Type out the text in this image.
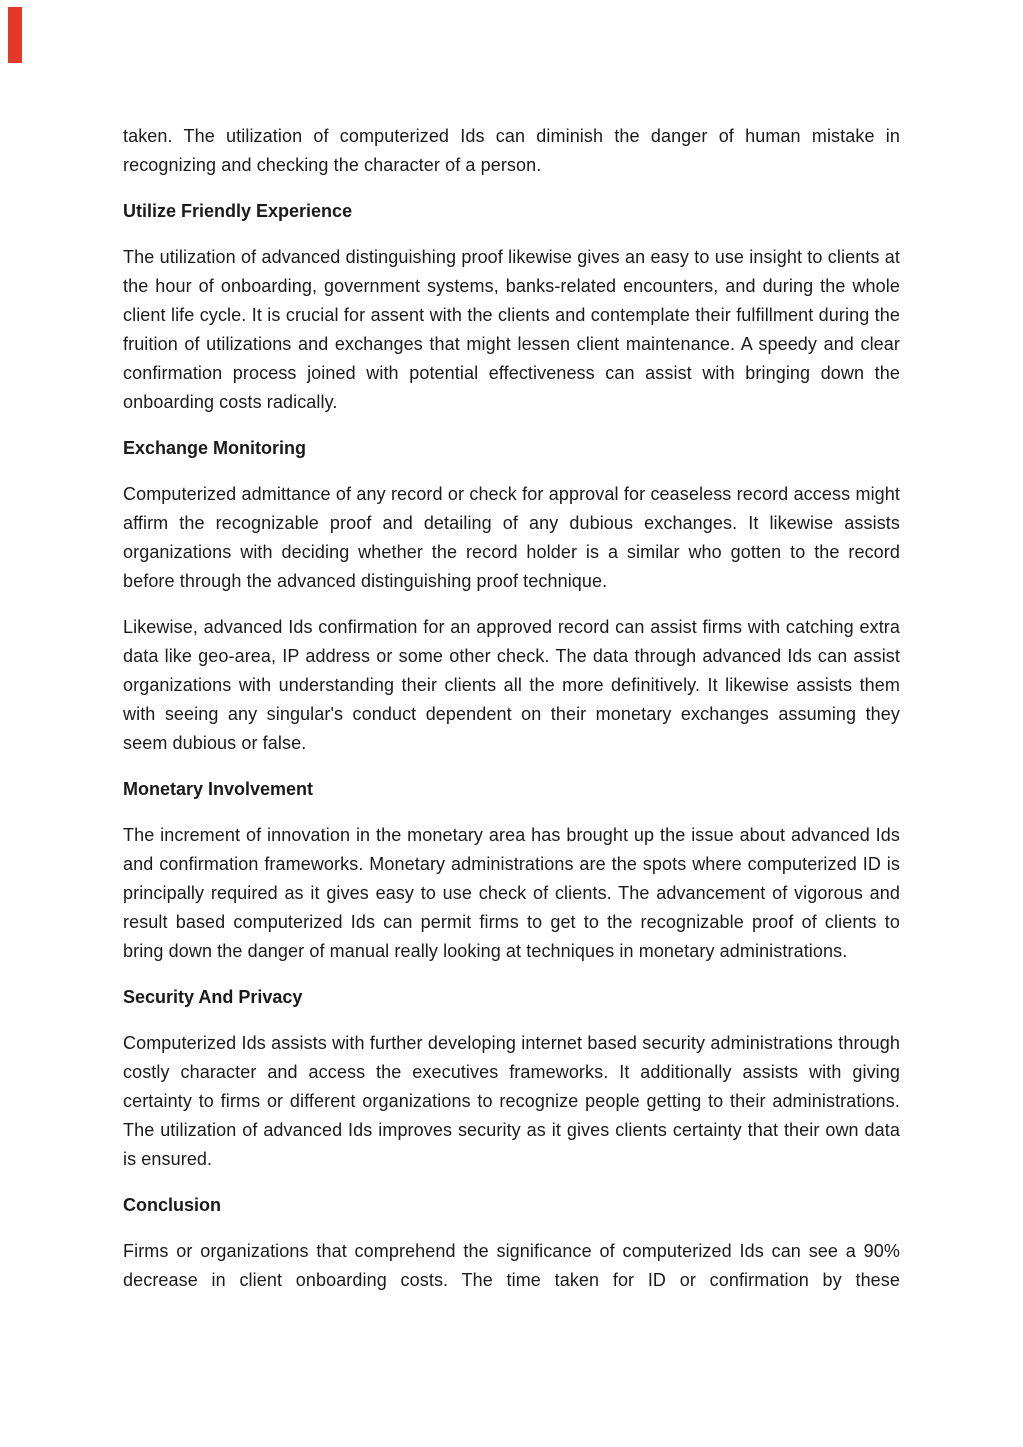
taken. The utilization of computerized Ids can diminish the danger of human mistake in recognizing and checking the character of a person.
Utilize Friendly Experience
The utilization of advanced distinguishing proof likewise gives an easy to use insight to clients at the hour of onboarding, government systems, banks-related encounters, and during the whole client life cycle. It is crucial for assent with the clients and contemplate their fulfillment during the fruition of utilizations and exchanges that might lessen client maintenance. A speedy and clear confirmation process joined with potential effectiveness can assist with bringing down the onboarding costs radically.
Exchange Monitoring
Computerized admittance of any record or check for approval for ceaseless record access might affirm the recognizable proof and detailing of any dubious exchanges. It likewise assists organizations with deciding whether the record holder is a similar who gotten to the record before through the advanced distinguishing proof technique.
Likewise, advanced Ids confirmation for an approved record can assist firms with catching extra data like geo-area, IP address or some other check. The data through advanced Ids can assist organizations with understanding their clients all the more definitively. It likewise assists them with seeing any singular's conduct dependent on their monetary exchanges assuming they seem dubious or false.
Monetary Involvement
The increment of innovation in the monetary area has brought up the issue about advanced Ids and confirmation frameworks. Monetary administrations are the spots where computerized ID is principally required as it gives easy to use check of clients. The advancement of vigorous and result based computerized Ids can permit firms to get to the recognizable proof of clients to bring down the danger of manual really looking at techniques in monetary administrations.
Security And Privacy
Computerized Ids assists with further developing internet based security administrations through costly character and access the executives frameworks. It additionally assists with giving certainty to firms or different organizations to recognize people getting to their administrations. The utilization of advanced Ids improves security as it gives clients certainty that their own data is ensured.
Conclusion
Firms or organizations that comprehend the significance of computerized Ids can see a 90% decrease in client onboarding costs. The time taken for ID or confirmation by these
